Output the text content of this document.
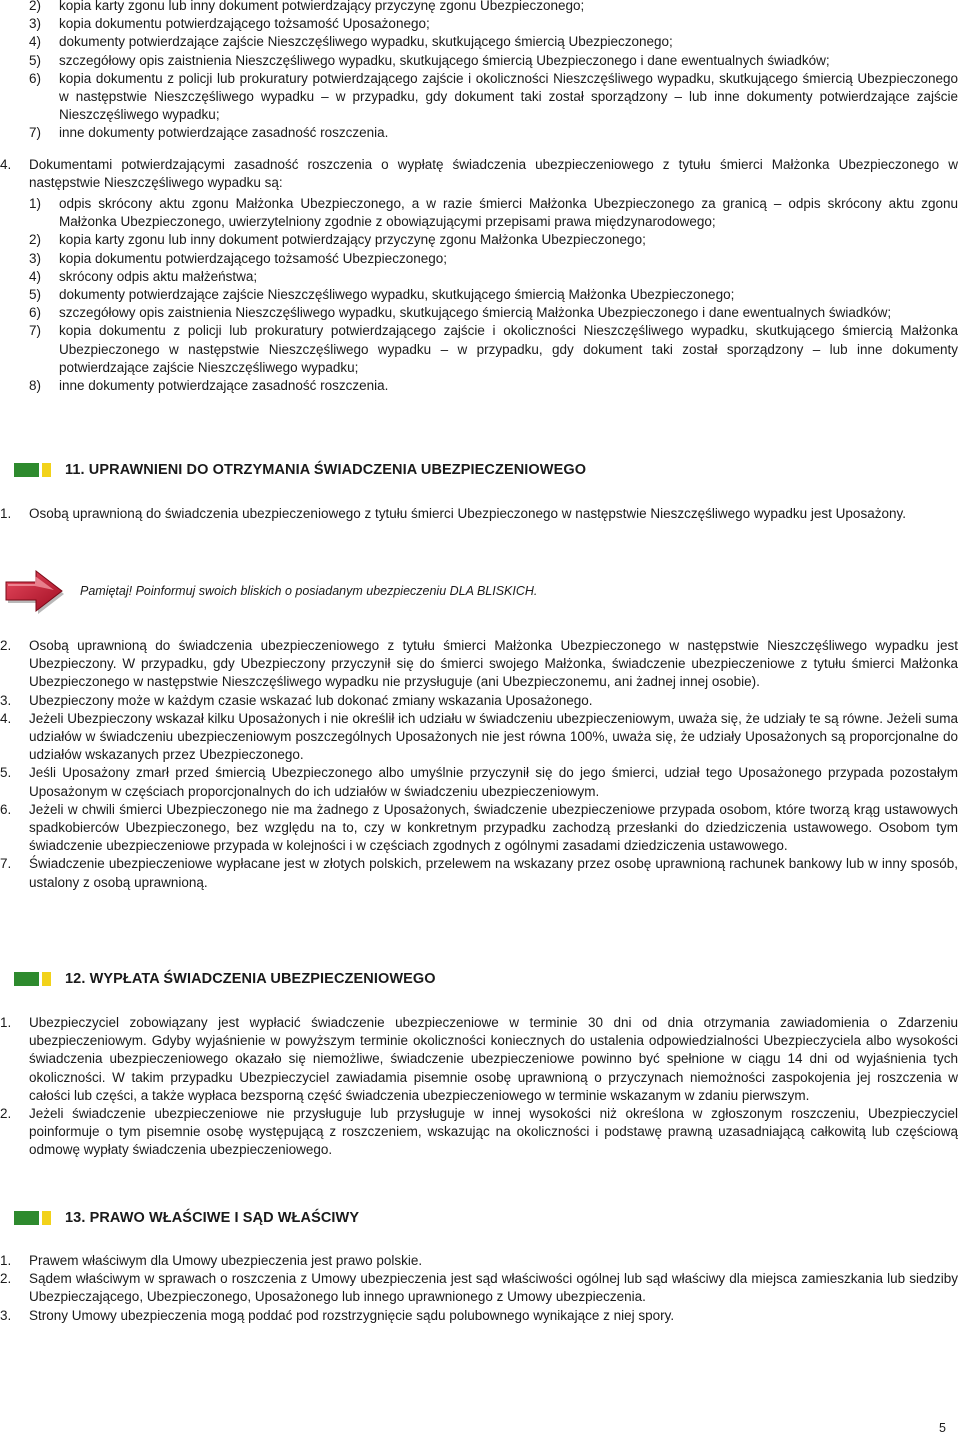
2) kopia karty zgonu lub inny dokument potwierdzający przyczynę zgonu Ubezpieczonego;
3) kopia dokumentu potwierdzającego tożsamość Uposażonego;
4) dokumenty potwierdzające zajście Nieszczęśliwego wypadku, skutkującego śmiercią Ubezpieczonego;
5) szczegółowy opis zaistnienia Nieszczęśliwego wypadku, skutkującego śmiercią Ubezpieczonego i dane ewentualnych świadków;
6) kopia dokumentu z policji lub prokuratury potwierdzającego zajście i okoliczności Nieszczęśliwego wypadku, skutkującego śmiercią Ubezpieczonego w następstwie Nieszczęśliwego wypadku – w przypadku, gdy dokument taki został sporządzony – lub inne dokumenty potwierdzające zajście Nieszczęśliwego wypadku;
7) inne dokumenty potwierdzające zasadność roszczenia.
4. Dokumentami potwierdzającymi zasadność roszczenia o wypłatę świadczenia ubezpieczeniowego z tytułu śmierci Małżonka Ubezpieczonego w następstwie Nieszczęśliwego wypadku są:
1) odpis skrócony aktu zgonu Małżonka Ubezpieczonego, a w razie śmierci Małżonka Ubezpieczonego za granicą – odpis skrócony aktu zgonu Małżonka Ubezpieczonego, uwierzytelniony zgodnie z obowiązującymi przepisami prawa międzynarodowego;
2) kopia karty zgonu lub inny dokument potwierdzający przyczynę zgonu Małżonka Ubezpieczonego;
3) kopia dokumentu potwierdzającego tożsamość Ubezpieczonego;
4) skrócony odpis aktu małżeństwa;
5) dokumenty potwierdzające zajście Nieszczęśliwego wypadku, skutkującego śmiercią Małżonka Ubezpieczonego;
6) szczegółowy opis zaistnienia Nieszczęśliwego wypadku, skutkującego śmiercią Małżonka Ubezpieczonego i dane ewentualnych świadków;
7) kopia dokumentu z policji lub prokuratury potwierdzającego zajście i okoliczności Nieszczęśliwego wypadku, skutkującego śmiercią Małżonka Ubezpieczonego w następstwie Nieszczęśliwego wypadku – w przypadku, gdy dokument taki został sporządzony – lub inne dokumenty potwierdzające zajście Nieszczęśliwego wypadku;
8) inne dokumenty potwierdzające zasadność roszczenia.
11. UPRAWNIENI DO OTRZYMANIA ŚWIADCZENIA UBEZPIECZENIOWEGO
1. Osobą uprawnioną do świadczenia ubezpieczeniowego z tytułu śmierci Ubezpieczonego w następstwie Nieszczęśliwego wypadku jest Uposażony.
Pamiętaj! Poinformuj swoich bliskich o posiadanym ubezpieczeniu DLA BLISKICH.
2. Osobą uprawnioną do świadczenia ubezpieczeniowego z tytułu śmierci Małżonka Ubezpieczonego w następstwie Nieszczęśliwego wypadku jest Ubezpieczony. W przypadku, gdy Ubezpieczony przyczynił się do śmierci swojego Małżonka, świadczenie ubezpieczeniowe z tytułu śmierci Małżonka Ubezpieczonego w następstwie Nieszczęśliwego wypadku nie przysługuje (ani Ubezpieczonemu, ani żadnej innej osobie).
3. Ubezpieczony może w każdym czasie wskazać lub dokonać zmiany wskazania Uposażonego.
4. Jeżeli Ubezpieczony wskazał kilku Uposażonych i nie określił ich udziału w świadczeniu ubezpieczeniowym, uważa się, że udziały te są równe. Jeżeli suma udziałów w świadczeniu ubezpieczeniowym poszczególnych Uposażonych nie jest równa 100%, uważa się, że udziały Uposażonych są proporcjonalne do udziałów wskazanych przez Ubezpieczonego.
5. Jeśli Uposażony zmarł przed śmiercią Ubezpieczonego albo umyślnie przyczynił się do jego śmierci, udział tego Uposażonego przypada pozostałym Uposażonym w częściach proporcjonalnych do ich udziałów w świadczeniu ubezpieczeniowym.
6. Jeżeli w chwili śmierci Ubezpieczonego nie ma żadnego z Uposażonych, świadczenie ubezpieczeniowe przypada osobom, które tworzą krąg ustawowych spadkobierców Ubezpieczonego, bez względu na to, czy w konkretnym przypadku zachodzą przesłanki do dziedziczenia ustawowego. Osobom tym świadczenie ubezpieczeniowe przypada w kolejności i w częściach zgodnych z ogólnymi zasadami dziedziczenia ustawowego.
7. Świadczenie ubezpieczeniowe wypłacane jest w złotych polskich, przelewem na wskazany przez osobę uprawnioną rachunek bankowy lub w inny sposób, ustalony z osobą uprawnioną.
12. WYPŁATA ŚWIADCZENIA UBEZPIECZENIOWEGO
1. Ubezpieczyciel zobowiązany jest wypłacić świadczenie ubezpieczeniowe w terminie 30 dni od dnia otrzymania zawiadomienia o Zdarzeniu ubezpieczeniowym. Gdyby wyjaśnienie w powyższym terminie okoliczności koniecznych do ustalenia odpowiedzialności Ubezpieczyciela albo wysokości świadczenia ubezpieczeniowego okazało się niemożliwe, świadczenie ubezpieczeniowe powinno być spełnione w ciągu 14 dni od wyjaśnienia tych okoliczności. W takim przypadku Ubezpieczyciel zawiadamia pisemnie osobę uprawnioną o przyczynach niemożności zaspokojenia jej roszczenia w całości lub części, a także wypłaca bezsporną część świadczenia ubezpieczeniowego w terminie wskazanym w zdaniu pierwszym.
2. Jeżeli świadczenie ubezpieczeniowe nie przysługuje lub przysługuje w innej wysokości niż określona w zgłoszonym roszczeniu, Ubezpieczyciel poinformuje o tym pisemnie osobę występującą z roszczeniem, wskazując na okoliczności i podstawę prawną uzasadniającą całkowitą lub częściową odmowę wypłaty świadczenia ubezpieczeniowego.
13. PRAWO WŁAŚCIWE I SĄD WŁAŚCIWY
1. Prawem właściwym dla Umowy ubezpieczenia jest prawo polskie.
2. Sądem właściwym w sprawach o roszczenia z Umowy ubezpieczenia jest sąd właściwości ogólnej lub sąd właściwy dla miejsca zamieszkania lub siedziby Ubezpieczającego, Ubezpieczonego, Uposażonego lub innego uprawnionego z Umowy ubezpieczenia.
3. Strony Umowy ubezpieczenia mogą poddać pod rozstrzygnięcie sądu polubownego wynikające z niej spory.
5
